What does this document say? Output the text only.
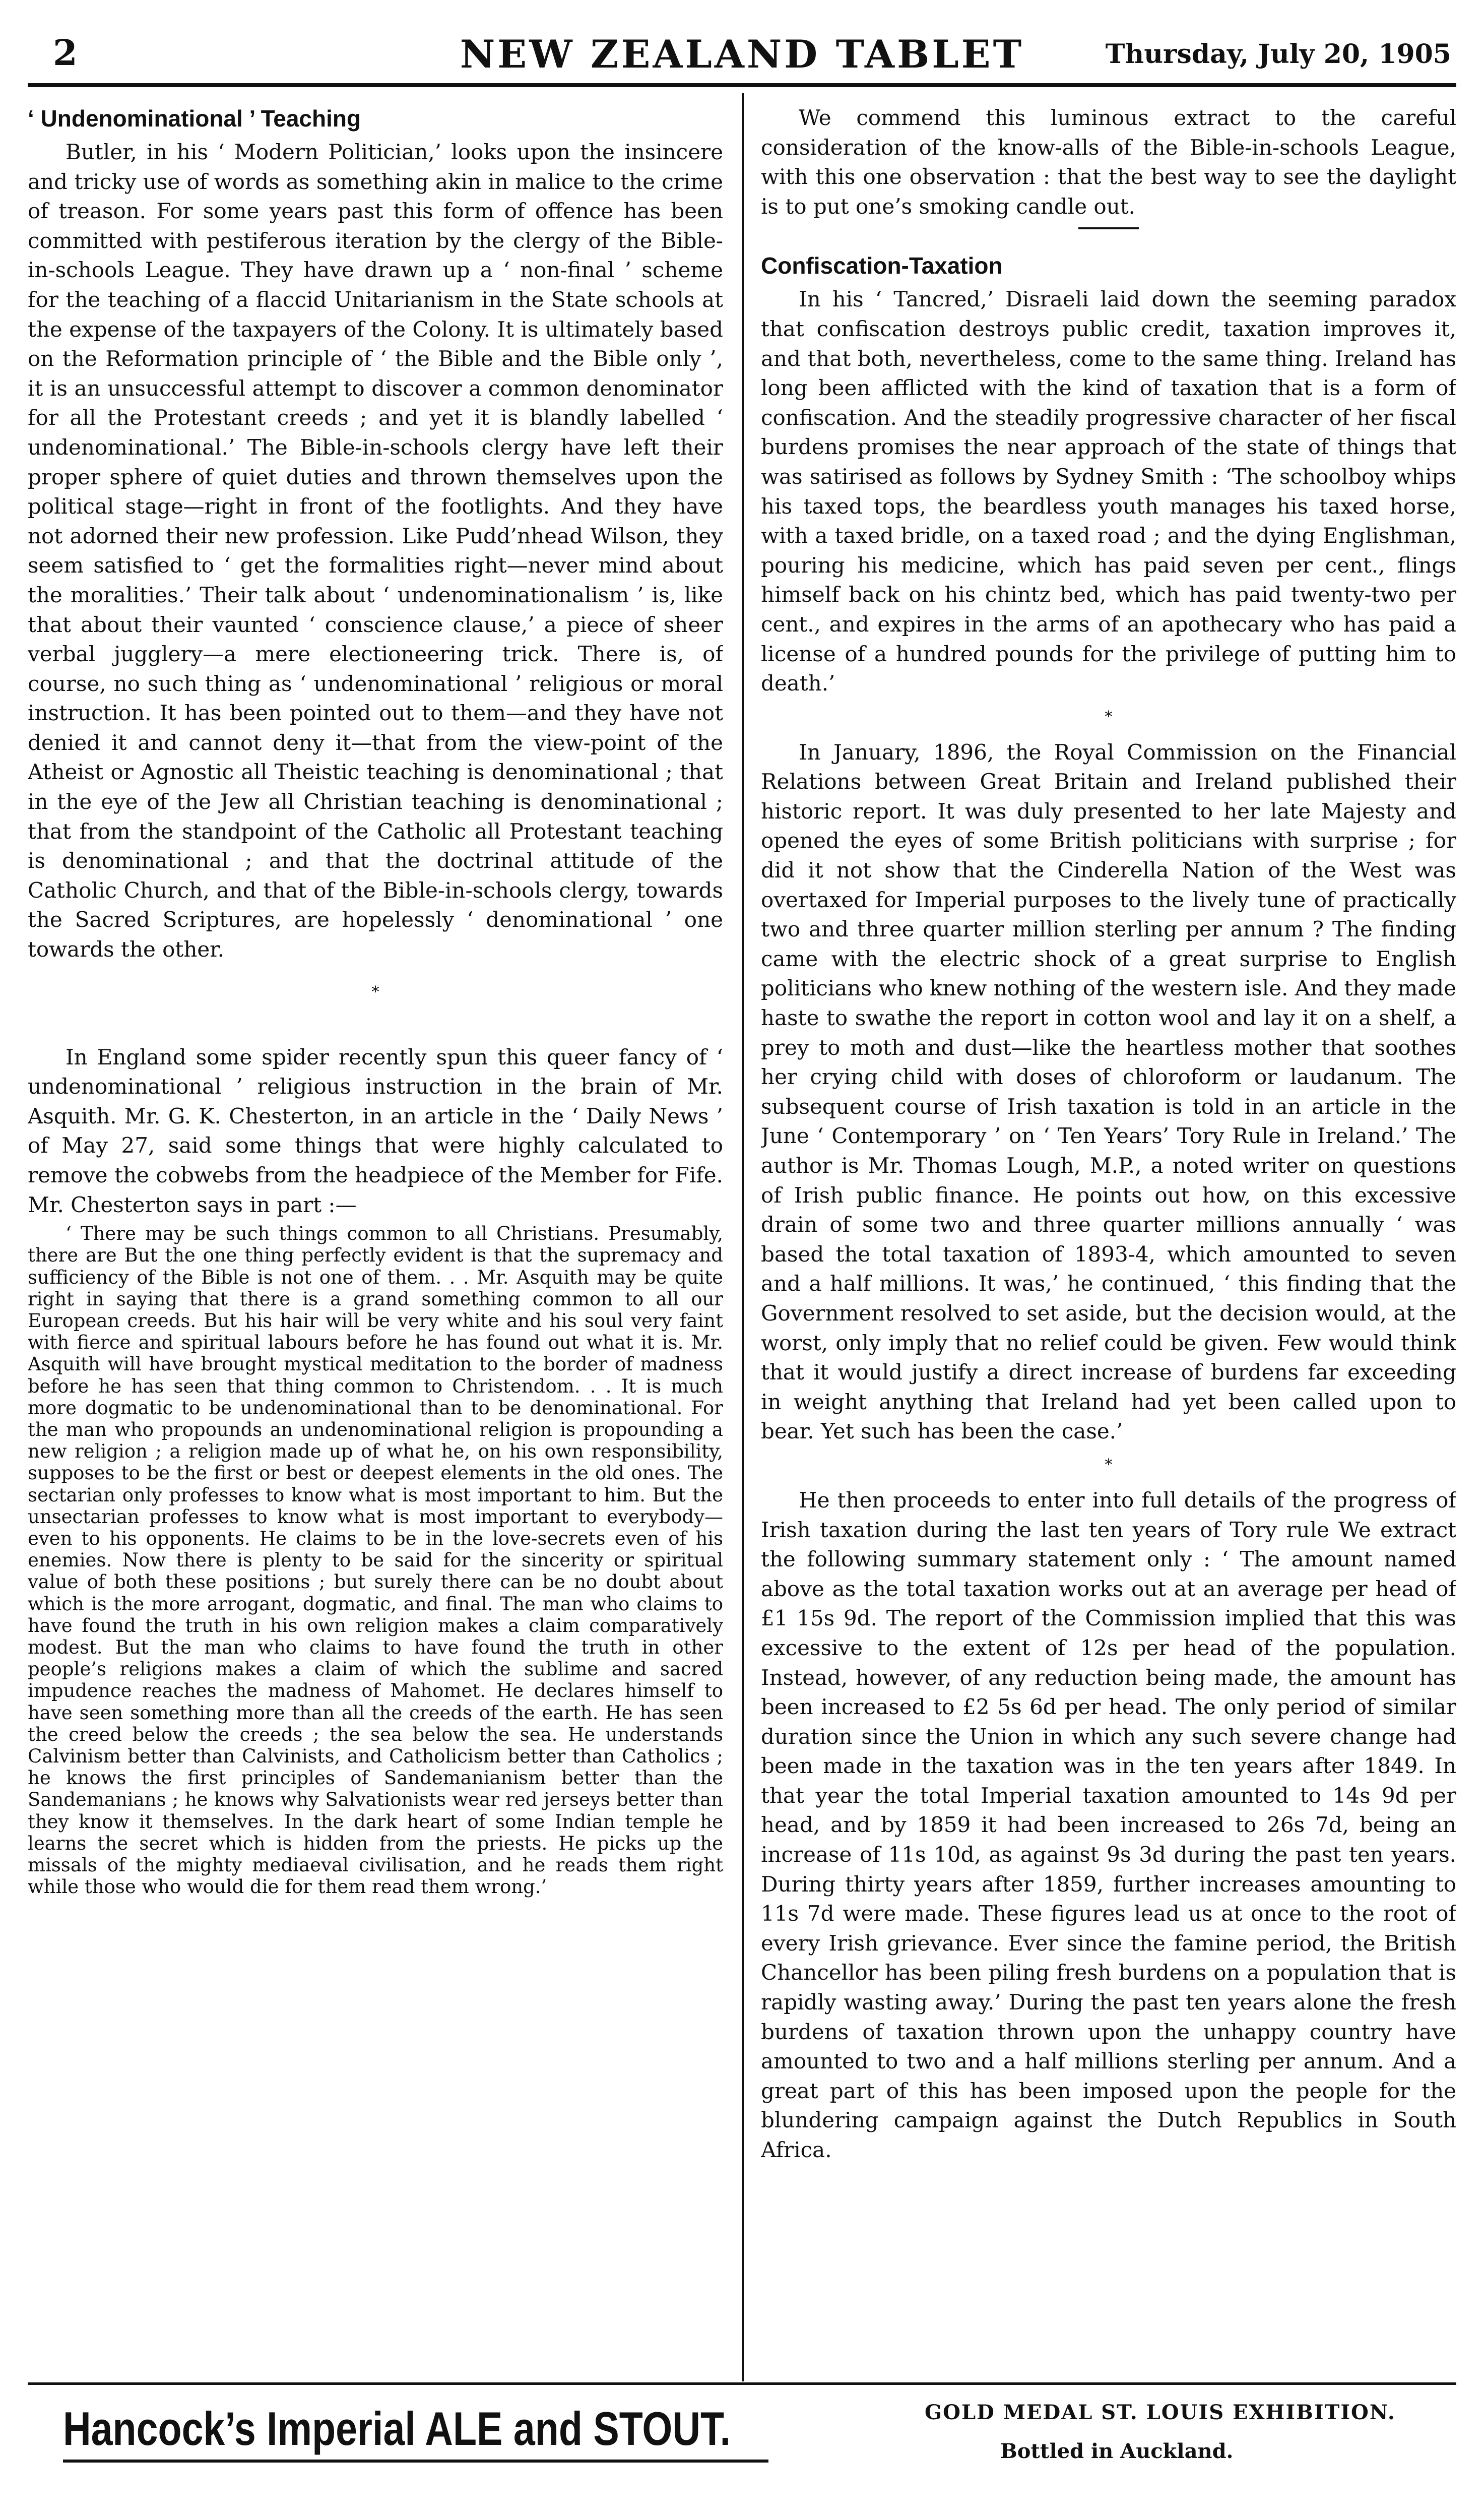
2	NEW ZEALAND TABLET	Thursday, July 20, 1905
‘ Undenominational ’ Teaching

Butler, in his ‘ Modern Politician,’ looks upon the insincere and tricky use of words as something akin in malice to the crime of treason. For some years past this form of offence has been committed with pestiferous iteration by the clergy of the Bible-in-schools League. They have drawn up a ‘ non-final ’ scheme for the teaching of a flaccid Unitarianism in the State schools at the expense of the taxpayers of the Colony. It is ultimately based on the Reformation principle of ‘ the Bible and the Bible only ’, it is an unsuccessful attempt to discover a common denominator for all the Protestant creeds ; and yet it is blandly labelled ‘ undenominational.’ The Bible-in-schools clergy have left their proper sphere of quiet duties and thrown themselves upon the political stage—right in front of the footlights. And they have not adorned their new profession. Like Pudd’nhead Wilson, they seem satisfied to ‘ get the formalities right—never mind about the moralities.’ Their talk about ‘ undenominationalism ’ is, like that about their vaunted ‘ conscience clause,’ a piece of sheer verbal jugglery—a mere electioneering trick. There is, of course, no such thing as ‘ undenominational ’ religious or moral instruction. It has been pointed out to them—and they have not denied it and cannot deny it—that from the view-point of the Atheist or Agnostic all Theistic teaching is denominational ; that in the eye of the Jew all Christian teaching is denominational ; that from the standpoint of the Catholic all Protestant teaching is denominational ; and that the doctrinal attitude of the Catholic Church, and that of the Bible-in-schools clergy, towards the Sacred Scriptures, are hopelessly ‘ denominational ’ one towards the other.

*

In England some spider recently spun this queer fancy of ‘ undenominational ’ religious instruction in the brain of Mr. Asquith. Mr. G. K. Chesterton, in an article in the ‘ Daily News ’ of May 27, said some things that were highly calculated to remove the cobwebs from the headpiece of the Member for Fife. Mr. Chesterton says in part :—

‘ There may be such things common to all Christians. Presumably, there are But the one thing perfectly evident is that the supremacy and sufficiency of the Bible is not one of them. . . Mr. Asquith may be quite right in saying that there is a grand something common to all our European creeds. But his hair will be very white and his soul very faint with fierce and spiritual labours before he has found out what it is. Mr. Asquith will have brought mystical meditation to the border of madness before he has seen that thing common to Christendom. . . It is much more dogmatic to be undenominational than to be denominational. For the man who propounds an undenominational religion is propounding a new religion ; a religion made up of what he, on his own responsibility, supposes to be the first or best or deepest elements in the old ones. The sectarian only professes to know what is most important to him. But the unsectarian professes to know what is most important to everybody—even to his opponents. He claims to be in the love-secrets even of his enemies. Now there is plenty to be said for the sincerity or spiritual value of both these positions ; but surely there can be no doubt about which is the more arrogant, dogmatic, and final. The man who claims to have found the truth in his own religion makes a claim comparatively modest. But the man who claims to have found the truth in other people’s religions makes a claim of which the sublime and sacred impudence reaches the madness of Mahomet. He declares himself to have seen something more than all the creeds of the earth. He has seen the creed below the creeds ; the sea below the sea. He understands Calvinism better than Calvinists, and Catholicism better than Catholics ; he knows the first principles of Sandemanianism better than the Sandemanians ; he knows why Salvationists wear red jerseys better than they know it themselves. In the dark heart of some Indian temple he learns the secret which is hidden from the priests. He picks up the missals of the mighty mediaeval civilisation, and he reads them right while those who would die for them read them wrong.’

We commend this luminous extract to the careful consideration of the know-alls of the Bible-in-schools League, with this one observation : that the best way to see the daylight is to put one’s smoking candle out.

Confiscation-Taxation

In his ‘ Tancred,’ Disraeli laid down the seeming paradox that confiscation destroys public credit, taxation improves it, and that both, nevertheless, come to the same thing. Ireland has long been afflicted with the kind of taxation that is a form of confiscation. And the steadily progressive character of her fiscal burdens promises the near approach of the state of things that was satirised as follows by Sydney Smith : ‘The schoolboy whips his taxed tops, the beardless youth manages his taxed horse, with a taxed bridle, on a taxed road ; and the dying Englishman, pouring his medicine, which has paid seven per cent., flings himself back on his chintz bed, which has paid twenty-two per cent., and expires in the arms of an apothecary who has paid a license of a hundred pounds for the privilege of putting him to death.’

*

In January, 1896, the Royal Commission on the Financial Relations between Great Britain and Ireland published their historic report. It was duly presented to her late Majesty and opened the eyes of some British politicians with surprise ; for did it not show that the Cinderella Nation of the West was overtaxed for Imperial purposes to the lively tune of practically two and three quarter million sterling per annum ? The finding came with the electric shock of a great surprise to English politicians who knew nothing of the western isle. And they made haste to swathe the report in cotton wool and lay it on a shelf, a prey to moth and dust—like the heartless mother that soothes her crying child with doses of chloroform or laudanum. The subsequent course of Irish taxation is told in an article in the June ‘ Contemporary ’ on ‘ Ten Years’ Tory Rule in Ireland.’ The author is Mr. Thomas Lough, M.P., a noted writer on questions of Irish public finance. He points out how, on this excessive drain of some two and three quarter millions annually ‘ was based the total taxation of 1893-4, which amounted to seven and a half millions. It was,’ he continued, ‘ this finding that the Government resolved to set aside, but the decision would, at the worst, only imply that no relief could be given. Few would think that it would justify a direct increase of burdens far exceeding in weight anything that Ireland had yet been called upon to bear. Yet such has been the case.’

*

He then proceeds to enter into full details of the progress of Irish taxation during the last ten years of Tory rule We extract the following summary statement only : ‘ The amount named above as the total taxation works out at an average per head of £1 15s 9d. The report of the Commission implied that this was excessive to the extent of 12s per head of the population. Instead, however, of any reduction being made, the amount has been increased to £2 5s 6d per head. The only period of similar duration since the Union in which any such severe change had been made in the taxation was in the ten years after 1849. In that year the total Imperial taxation amounted to 14s 9d per head, and by 1859 it had been increased to 26s 7d, being an increase of 11s 10d, as against 9s 3d during the past ten years. During thirty years after 1859, further increases amounting to 11s 7d were made. These figures lead us at once to the root of every Irish grievance. Ever since the famine period, the British Chancellor has been piling fresh burdens on a population that is rapidly wasting away.’ During the past ten years alone the fresh burdens of taxation thrown upon the unhappy country have amounted to two and a half millions sterling per annum. And a great part of this has been imposed upon the people for the blundering campaign against the Dutch Republics in South Africa.

Hancock’s Imperial ALE and STOUT.	GOLD MEDAL ST. LOUIS EXHIBITION.
Bottled in Auckland.
